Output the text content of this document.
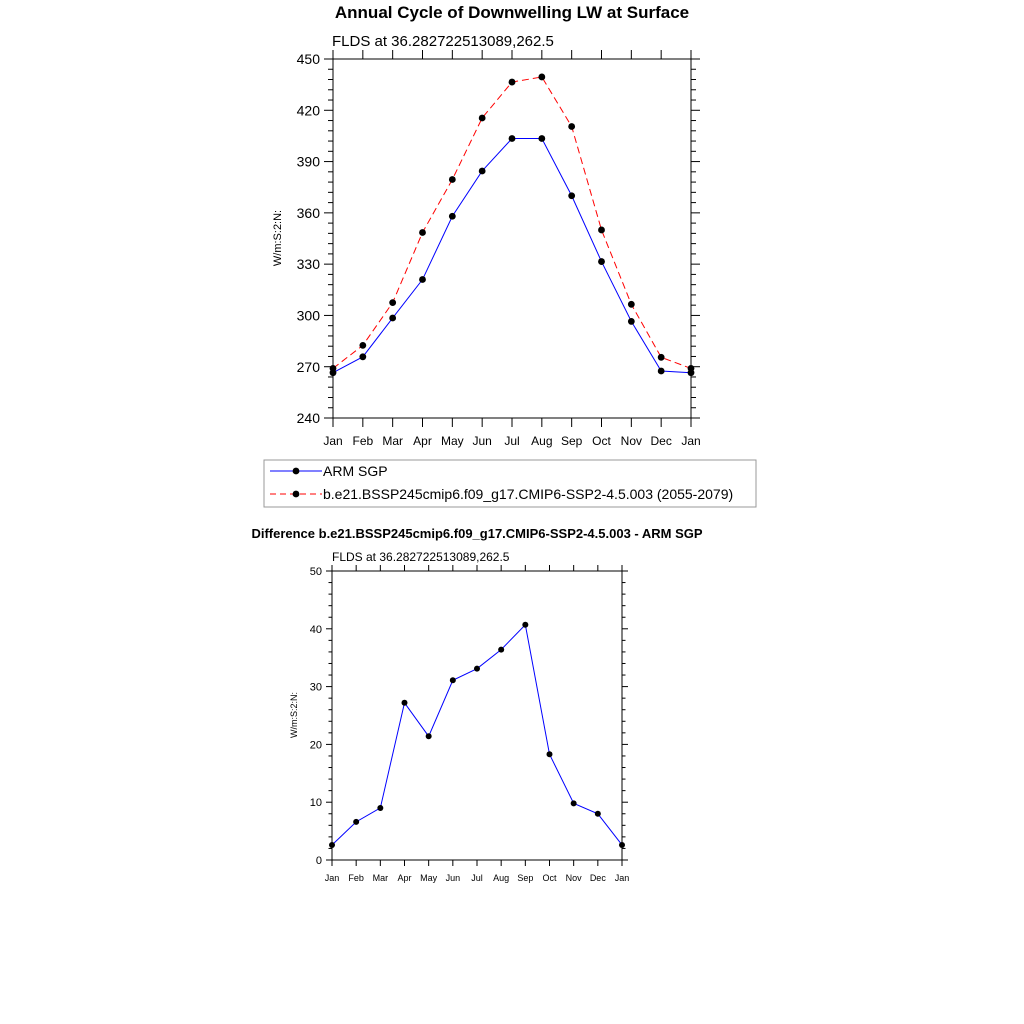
Annual Cycle of Downwelling LW at Surface
FLDS at 36.282722513089,262.5
W/m:S:2:N:
240
270
300
330
360
390
420
450
Jan Feb Mar Apr May Jun Jul Aug Sep Oct Nov Dec Jan
ARM SGP
b.e21.BSSP245cmip6.f09_g17.CMIP6-SSP2-4.5.003 (2055-2079)
Difference b.e21.BSSP245cmip6.f09_g17.CMIP6-SSP2-4.5.003 - ARM SGP
FLDS at 36.282722513089,262.5
W/m:S:2:N:
0
10
20
30
40
50
Jan Feb Mar Apr May Jun Jul Aug Sep Oct Nov Dec Jan
